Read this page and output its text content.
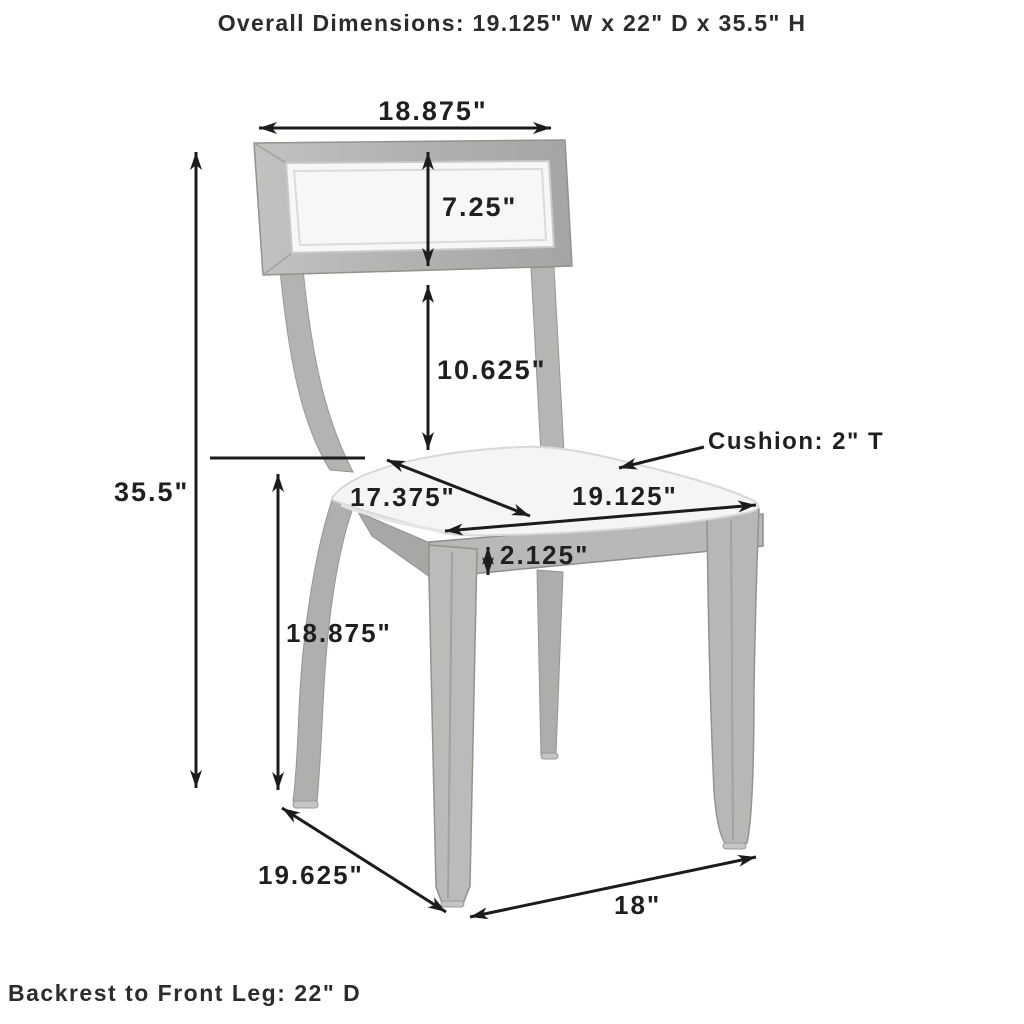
Overall Dimensions: 19.125" W x 22" D x 35.5" H
18.875"
7.25"
10.625"
Cushion: 2" T
17.375"	19.125"
2.125"
35.5"
18.875"
19.625"
18"
Backrest to Front Leg: 22" D
